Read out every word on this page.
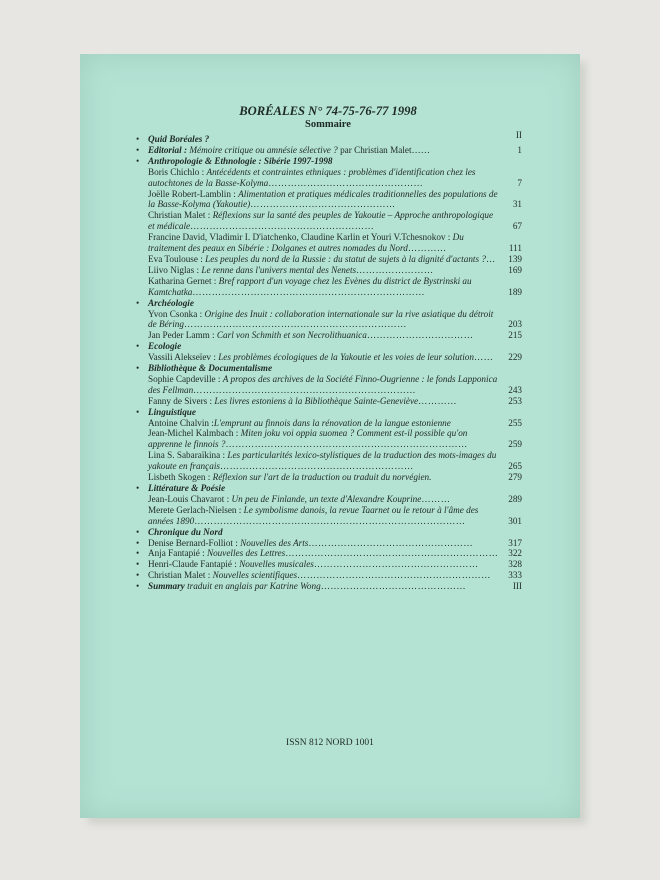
BORÉALES N° 74-75-76-77 1998
Sommaire
• Quid Boréales ?	II
• Editorial : Mémoire critique ou amnésie sélective ? par Christian Malet……	1
• Anthropologie & Ethnologie : Sibérie 1997-1998
Boris Chichlo : Antécédents et contraintes ethniques : problèmes d'identification chez les autochtones de la Basse-Kolyma…………………………………………	7
Joëlle Robert-Lamblin : Alimentation et pratiques médicales traditionnelles des populations de la Basse-Kolyma (Yakoutie)………………………………………	31
Christian Malet : Réflexions sur la santé des peuples de Yakoutie – Approche anthropologique et médicale…………………………………………………	67
Francine David, Vladimir I. D'iatchenko, Claudine Karlin et Youri V.Tchesnokov : Du traitement des peaux en Sibérie : Dolganes et autres nomades du Nord…………	111
Eva Toulouse : Les peuples du nord de la Russie : du statut de sujets à la dignité d'actants ?… 139
Liivo Niglas : Le renne dans l'univers mental des Nenets……………………	169
Katharina Gernet : Bref rapport d'un voyage chez les Evènes du district de Bystrinski au Kamtchatka………………………………………………………………	189
• Archéologie
Yvon Csonka : Origine des Inuit : collaboration internationale sur la rive asiatique du détroit de Béring……………………………………………………………	203
Jan Peder Lamm : Carl von Schmith et son Necrolithuanica……………………………	215
• Ecologie
Vassili Alekseïev : Les problèmes écologiques de la Yakoutie et les voies de leur solution…… 229
• Bibliothèque & Documentalisme
Sophie Capdeville : A propos des archives de la Société Finno-Ougrienne : le fonds Lapponica des Fellman……………………………………………………………	243
Fanny de Sivers : Les livres estoniens à la Bibliothèque Sainte-Geneviève…………	253
• Linguistique
Antoine Chalvin :L'emprunt au finnois dans la rénovation de la langue estonienne	255
Jean-Michel Kalmbach : Miten joku voi oppia suomea ? Comment est-il possible qu'on apprenne le finnois ?…………………………………………………………………	259
Lina S. Sabaraïkina : Les particularités lexico-stylistiques de la traduction des mots-images du yakoute en français……………………………………………………	265
Lisbeth Skogen : Réflexion sur l'art de la traduction ou traduit du norvégien.	279
• Littérature & Poésie
Jean-Louis Chavarot : Un peu de Finlande, un texte d'Alexandre Kouprine………	289
Merete Gerlach-Nielsen : Le symbolisme danois, la revue Taarnet ou le retour à l'âme des années 1890…………………………………………………………………………	301
• Chronique du Nord
• Denise Bernard-Folliot : Nouvelles des Arts……………………………………………	317
• Anja Fantapié : Nouvelles des Lettres………………………………………………………… 322
• Henri-Claude Fantapié : Nouvelles musicales……………………………………………	328
• Christian Malet : Nouvelles scientifiques…………………………………………………… 333
• Summary traduit en anglais par Katrine Wong………………………………………	III
ISSN 812 NORD 1001
